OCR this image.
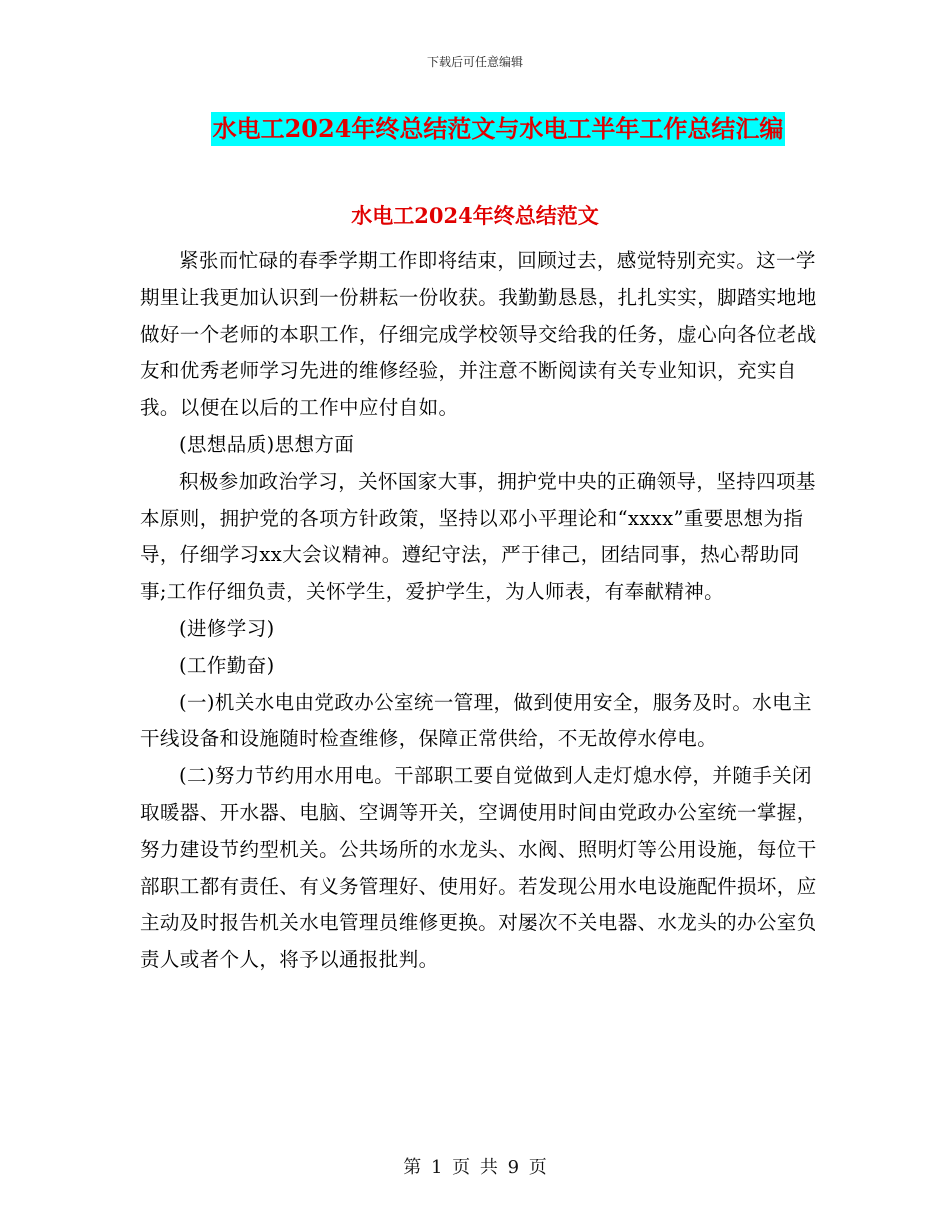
下载后可任意编辑
水电工2024年终总结范文与水电工半年工作总结汇编
水电工2024年终总结范文

紧张而忙碌的春季学期工作即将结束，回顾过去，感觉特别充实。这一学期里让我更加认识到一份耕耘一份收获。我勤勤恳恳，扎扎实实，脚踏实地地做好一个老师的本职工作，仔细完成学校领导交给我的任务，虚心向各位老战友和优秀老师学习先进的维修经验，并注意不断阅读有关专业知识，充实自我。以便在以后的工作中应付自如。

(思想品质)思想方面

积极参加政治学习，关怀国家大事，拥护党中央的正确领导，坚持四项基本原则，拥护党的各项方针政策，坚持以邓小平理论和“xxxx”重要思想为指导，仔细学习xx大会议精神。遵纪守法，严于律己，团结同事，热心帮助同事;工作仔细负责，关怀学生，爱护学生，为人师表，有奉献精神。

(进修学习)

(工作勤奋)

(一)机关水电由党政办公室统一管理，做到使用安全，服务及时。水电主干线设备和设施随时检查维修，保障正常供给，不无故停水停电。

(二)努力节约用水用电。干部职工要自觉做到人走灯熄水停，并随手关闭取暖器、开水器、电脑、空调等开关，空调使用时间由党政办公室统一掌握，努力建设节约型机关。公共场所的水龙头、水阀、照明灯等公用设施，每位干部职工都有责任、有义务管理好、使用好。若发现公用水电设施配件损坏，应主动及时报告机关水电管理员维修更换。对屡次不关电器、水龙头的办公室负责人或者个人，将予以通报批判。

第 1 页 共 9 页
